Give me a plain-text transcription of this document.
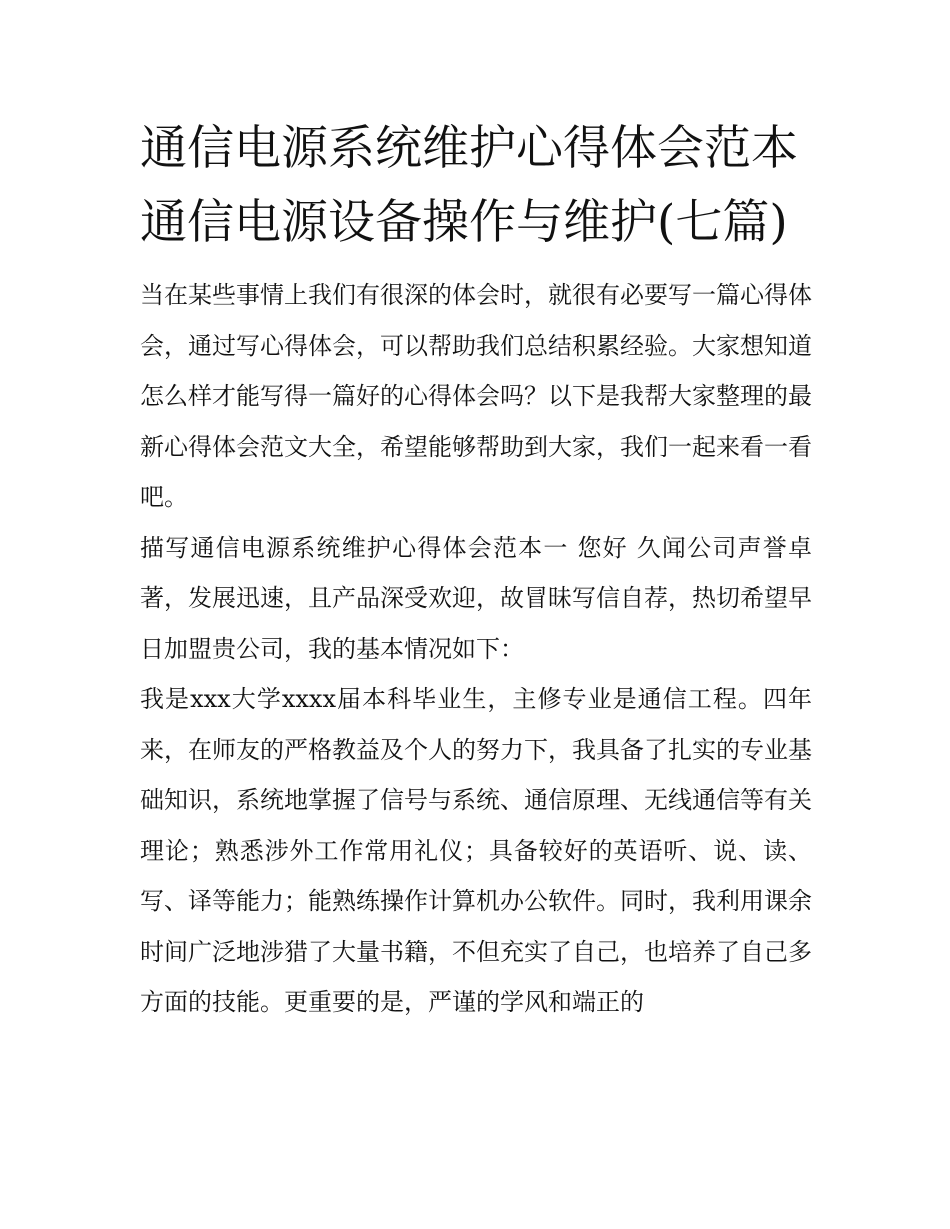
通信电源系统维护心得体会范本 通信电源设备操作与维护(七篇)

当在某些事情上我们有很深的体会时，就很有必要写一篇心得体会，通过写心得体会，可以帮助我们总结积累经验。大家想知道怎么样才能写得一篇好的心得体会吗？以下是我帮大家整理的最新心得体会范文大全，希望能够帮助到大家，我们一起来看一看吧。

描写通信电源系统维护心得体会范本一 您好 久闻公司声誉卓著，发展迅速，且产品深受欢迎，故冒昧写信自荐，热切希望早日加盟贵公司，我的基本情况如下：

我是xxx大学xxxx届本科毕业生，主修专业是通信工程。四年来，在师友的严格教益及个人的努力下，我具备了扎实的专业基础知识，系统地掌握了信号与系统、通信原理、无线通信等有关理论；熟悉涉外工作常用礼仪；具备较好的英语听、说、读、写、译等能力；能熟练操作计算机办公软件。同时，我利用课余时间广泛地涉猎了大量书籍，不但充实了自己，也培养了自己多方面的技能。更重要的是，严谨的学风和端正的
